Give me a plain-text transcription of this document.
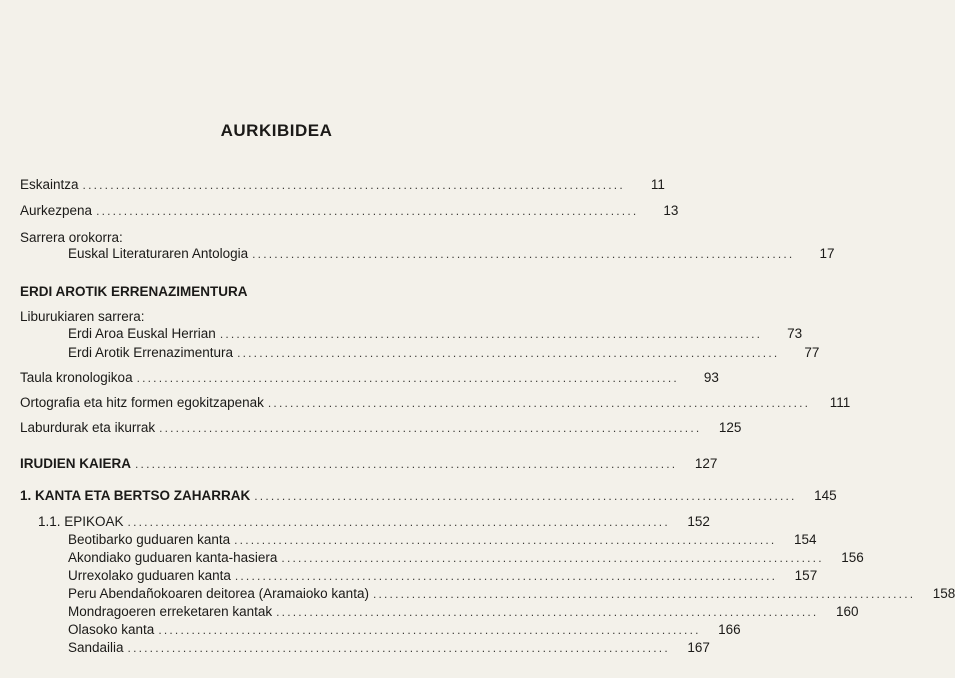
AURKIBIDEA
Eskaintza ..................................................................................................	11
Aurkezpena ..................................................................................................	13
Sarrera orokorra:
Euskal Literaturaren Antologia ..................................................................................................	17
ERDI AROTIK ERRENAZIMENTURA
Liburukiaren sarrera:
Erdi Aroa Euskal Herrian ..................................................................................................	73
Erdi Arotik Errenazimentura ..................................................................................................	77
Taula kronologikoa ..................................................................................................	93
Ortografia eta hitz formen egokitzapenak ..................................................................................................	111
Laburdurak eta ikurrak ..................................................................................................	125
IRUDIEN KAIERA ..................................................................................................	127
1. KANTA ETA BERTSO ZAHARRAK ..................................................................................................	145
1.1. EPIKOAK ..................................................................................................	152
Beotibarko guduaren kanta ..................................................................................................	154
Akondiako guduaren kanta-hasiera ..................................................................................................	156
Urrexolako guduaren kanta ..................................................................................................	157
Peru Abendañokoaren deitorea (Aramaioko kanta) ..................................................................................................	158
Mondragoeren erreketaren kantak ..................................................................................................	160
Olasoko kanta ..................................................................................................	166
Sandailia ..................................................................................................	167
